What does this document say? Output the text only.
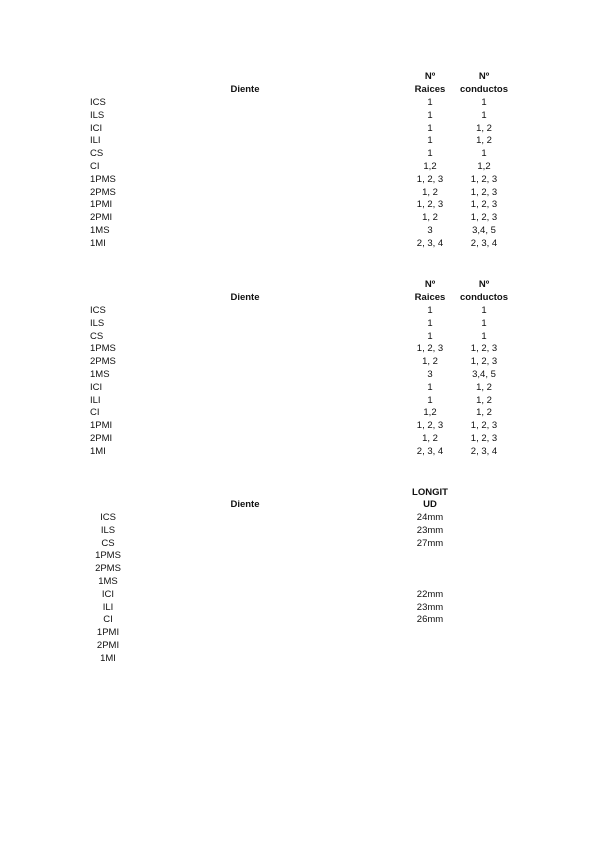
Diente
Nº
Raices
Nº
conductos
ICS	1	1
ILS	1	1
ICI	1	1, 2
ILI	1	1, 2
CS	1	1
CI	1,2	1,2
1PMS	1, 2, 3	1, 2, 3
2PMS	1, 2	1, 2, 3
1PMI	1, 2, 3	1, 2, 3
2PMI	1, 2	1, 2, 3
1MS	3	3,4, 5
1MI	2, 3, 4	2, 3, 4
Diente
Nº
Raices
Nº
conductos
ICS	1	1
ILS	1	1
CS	1	1
1PMS	1, 2, 3	1, 2, 3
2PMS	1, 2	1, 2, 3
1MS	3	3,4, 5
ICI	1	1, 2
ILI	1	1, 2
CI	1,2	1, 2
1PMI	1, 2, 3	1, 2, 3
2PMI	1, 2	1, 2, 3
1MI	2, 3, 4	2, 3, 4
Diente
LONGIT
UD
ICS	24mm
ILS	23mm
CS	27mm
1PMS
2PMS
1MS
ICI	22mm
ILI	23mm
CI	26mm
1PMI
2PMI
1MI
